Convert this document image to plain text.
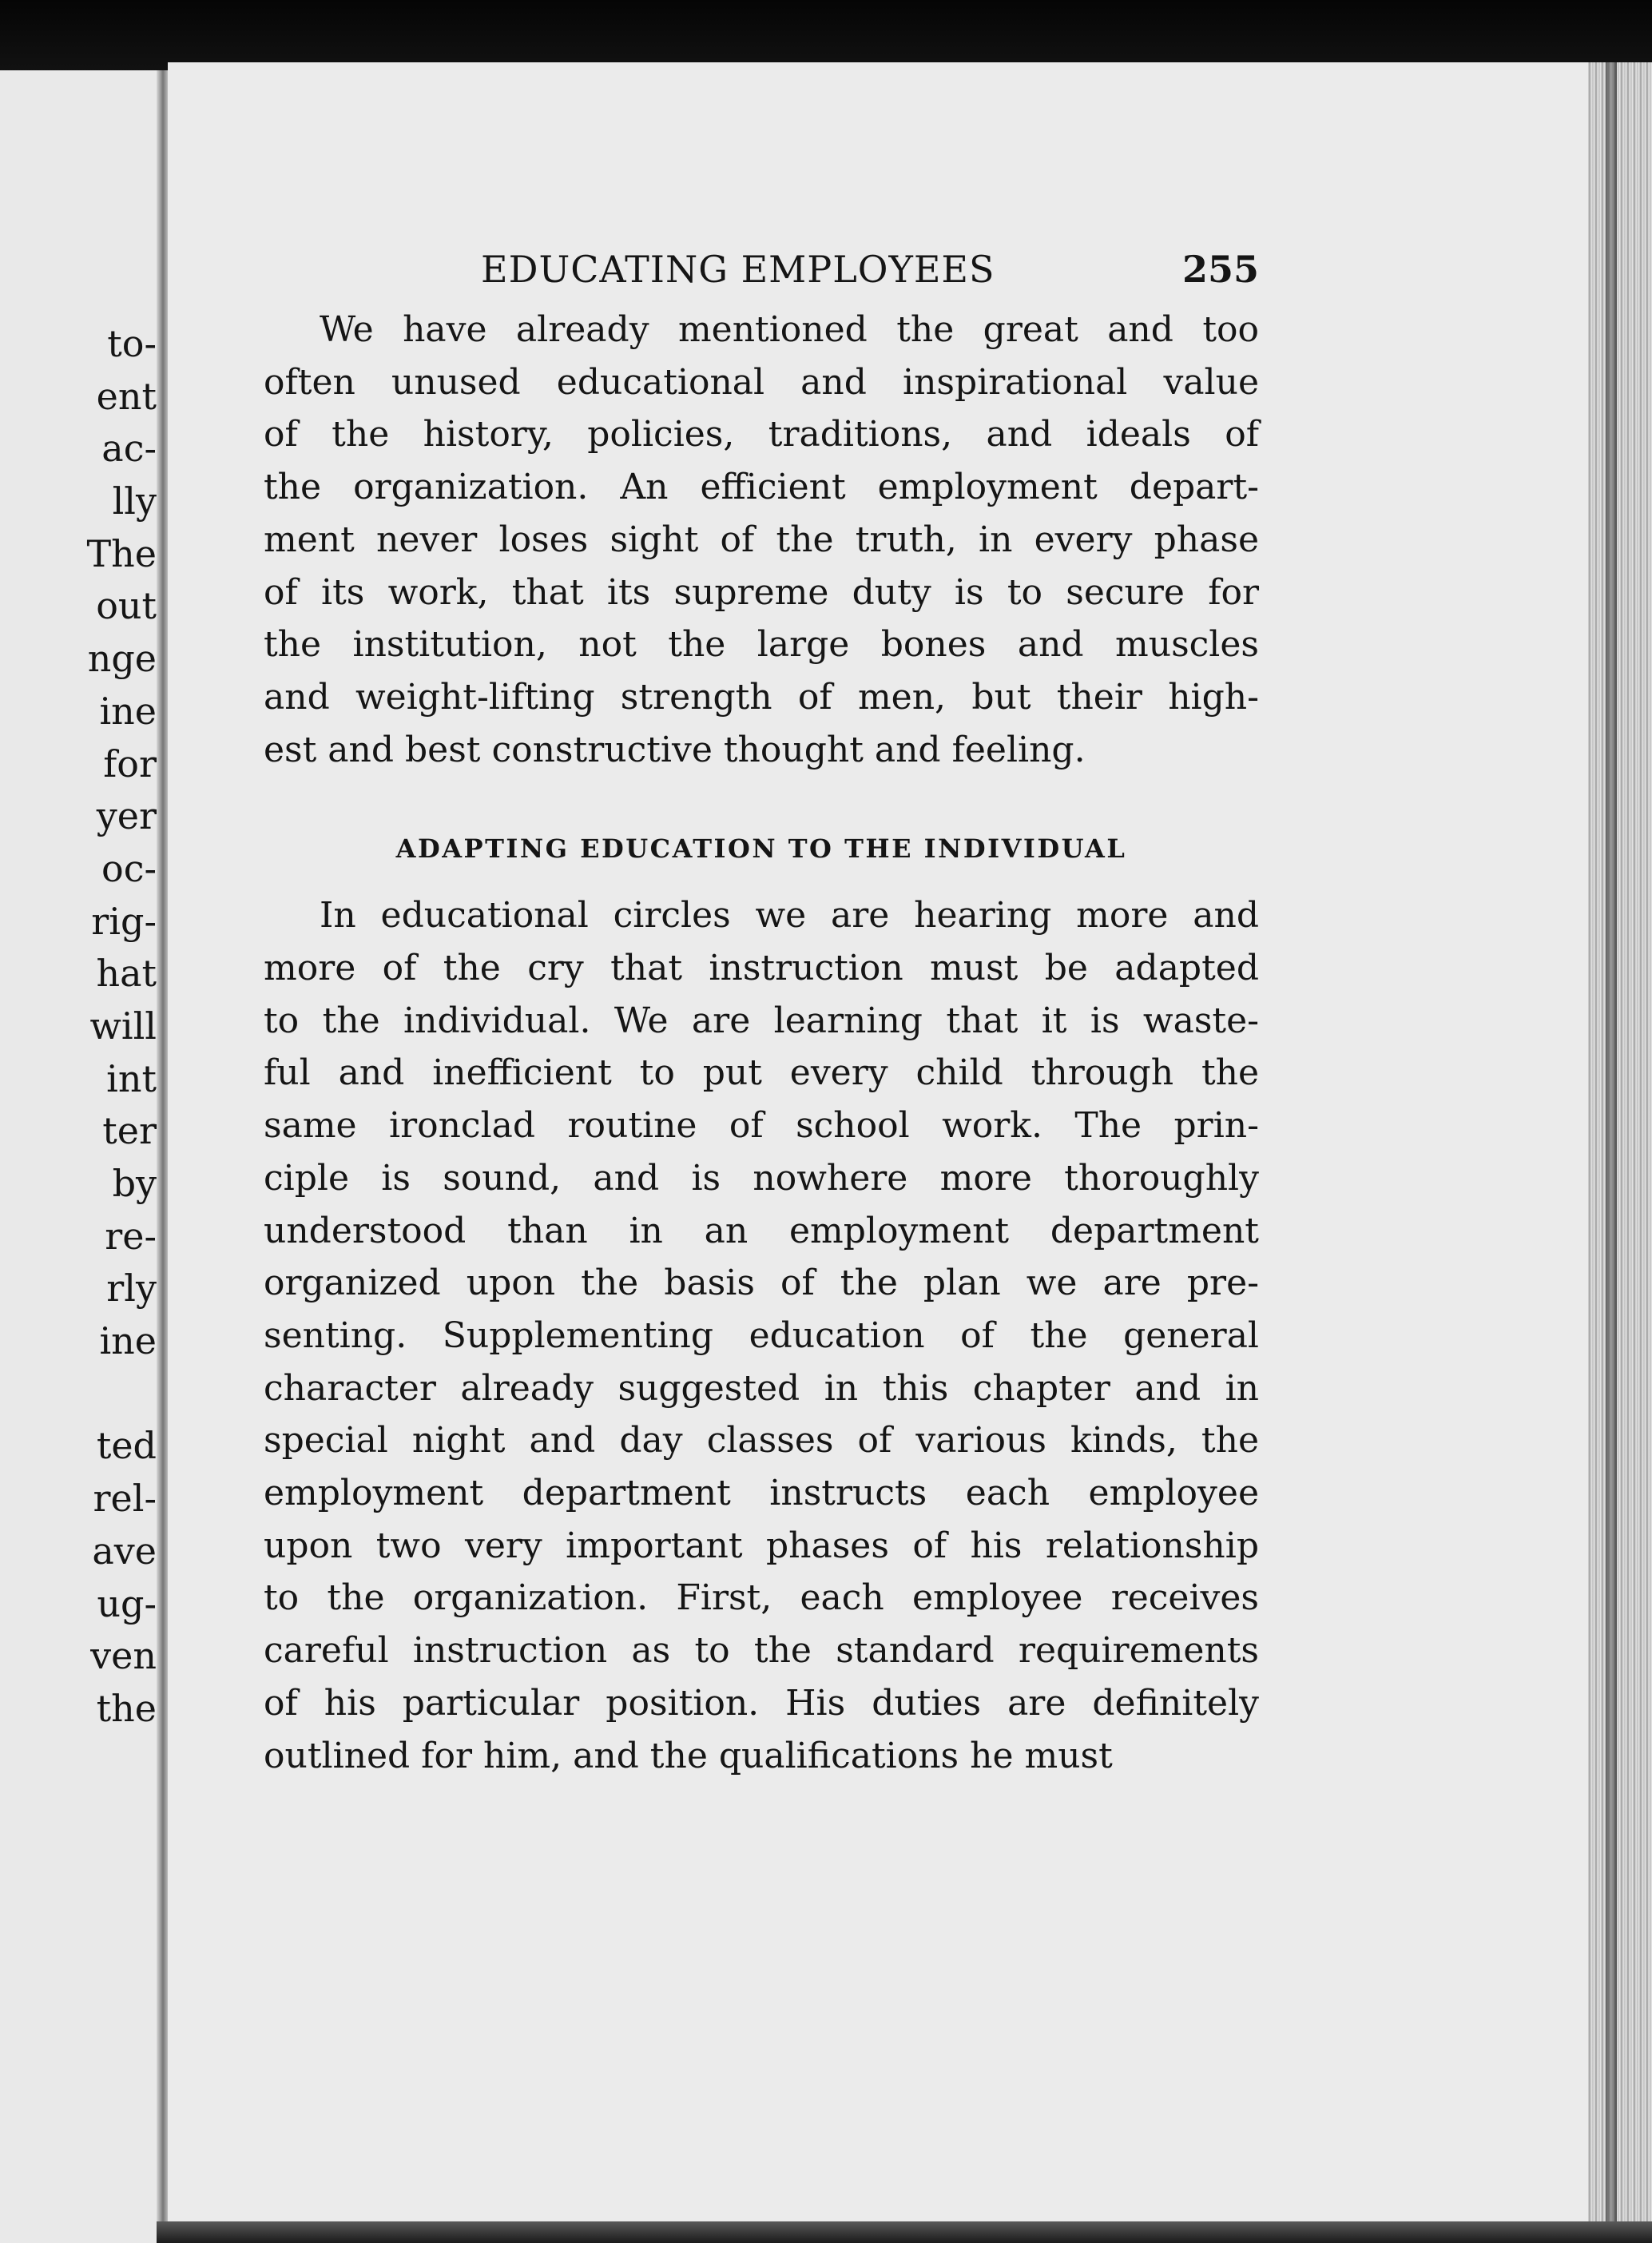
to-
ent
ac-
lly
The
out
nge
ine
for
yer
oc-
rig-
hat
will
int
ter
by
re-
rly
ine
ted
rel-
ave
ug-
ven
the
EDUCATING EMPLOYEES	255

We have already mentioned the great and too
often unused educational and inspirational value
of the history, policies, traditions, and ideals of
the organization. An efficient employment depart-
ment never loses sight of the truth, in every phase
of its work, that its supreme duty is to secure for
the institution, not the large bones and muscles
and weight-lifting strength of men, but their high-
est and best constructive thought and feeling.

ADAPTING EDUCATION TO THE INDIVIDUAL

In educational circles we are hearing more and
more of the cry that instruction must be adapted
to the individual. We are learning that it is waste-
ful and inefficient to put every child through the
same ironclad routine of school work. The prin-
ciple is sound, and is nowhere more thoroughly
understood than in an employment department
organized upon the basis of the plan we are pre-
senting. Supplementing education of the general
character already suggested in this chapter and in
special night and day classes of various kinds, the
employment department instructs each employee
upon two very important phases of his relationship
to the organization. First, each employee receives
careful instruction as to the standard requirements
of his particular position. His duties are definitely
outlined for him, and the qualifications he must
